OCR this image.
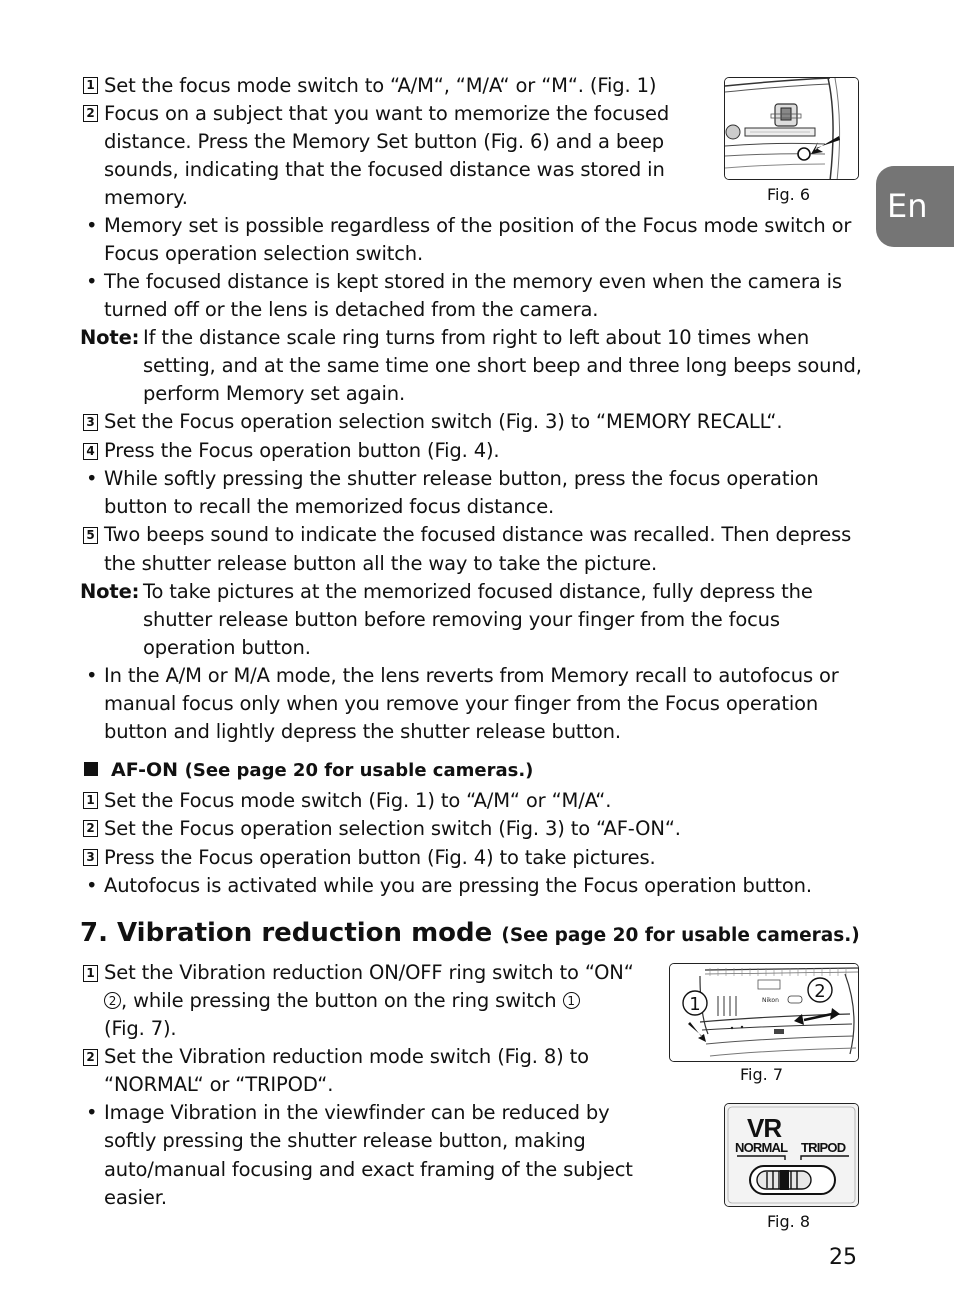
En
1 Set the focus mode switch to “A/M“, “M/A“ or “M“. (Fig. 1)
2 Focus on a subject that you want to memorize the focused
distance. Press the Memory Set button (Fig. 6) and a beep
sounds, indicating that the focused distance was stored in
memory.
• Memory set is possible regardless of the position of the Focus mode switch or
Focus operation selection switch.
• The focused distance is kept stored in the memory even when the camera is
turned off or the lens is detached from the camera.
Note: If the distance scale ring turns from right to left about 10 times when
setting, and at the same time one short beep and three long beeps sound,
perform Memory set again.
3 Set the Focus operation selection switch (Fig. 3) to “MEMORY RECALL“.
4 Press the Focus operation button (Fig. 4).
• While softly pressing the shutter release button, press the focus operation
button to recall the memorized focus distance.
5 Two beeps sound to indicate the focused distance was recalled. Then depress
the shutter release button all the way to take the picture.
Note: To take pictures at the memorized focused distance, fully depress the
shutter release button before removing your finger from the focus
operation button.
• In the A/M or M/A mode, the lens reverts from Memory recall to autofocus or
manual focus only when you remove your finger from the Focus operation
button and lightly depress the shutter release button.
Fig. 6
AF-ON (See page 20 for usable cameras.)
1 Set the Focus mode switch (Fig. 1) to “A/M“ or “M/A“.
2 Set the Focus operation selection switch (Fig. 3) to “AF-ON“.
3 Press the Focus operation button (Fig. 4) to take pictures.
• Autofocus is activated while you are pressing the Focus operation button.
7. Vibration reduction mode (See page 20 for usable cameras.)
1 Set the Vibration reduction ON/OFF ring switch to “ON“
2 , while pressing the button on the ring switch 1
(Fig. 7).
2 Set the Vibration reduction mode switch (Fig. 8) to
“NORMAL“ or “TRIPOD“.
• Image Vibration in the viewfinder can be reduced by
softly pressing the shutter release button, making
auto/manual focusing and exact framing of the subject
easier.
Nikon
1
2
Fig. 7
VR
NORMAL TRIPOD
Fig. 8
25
